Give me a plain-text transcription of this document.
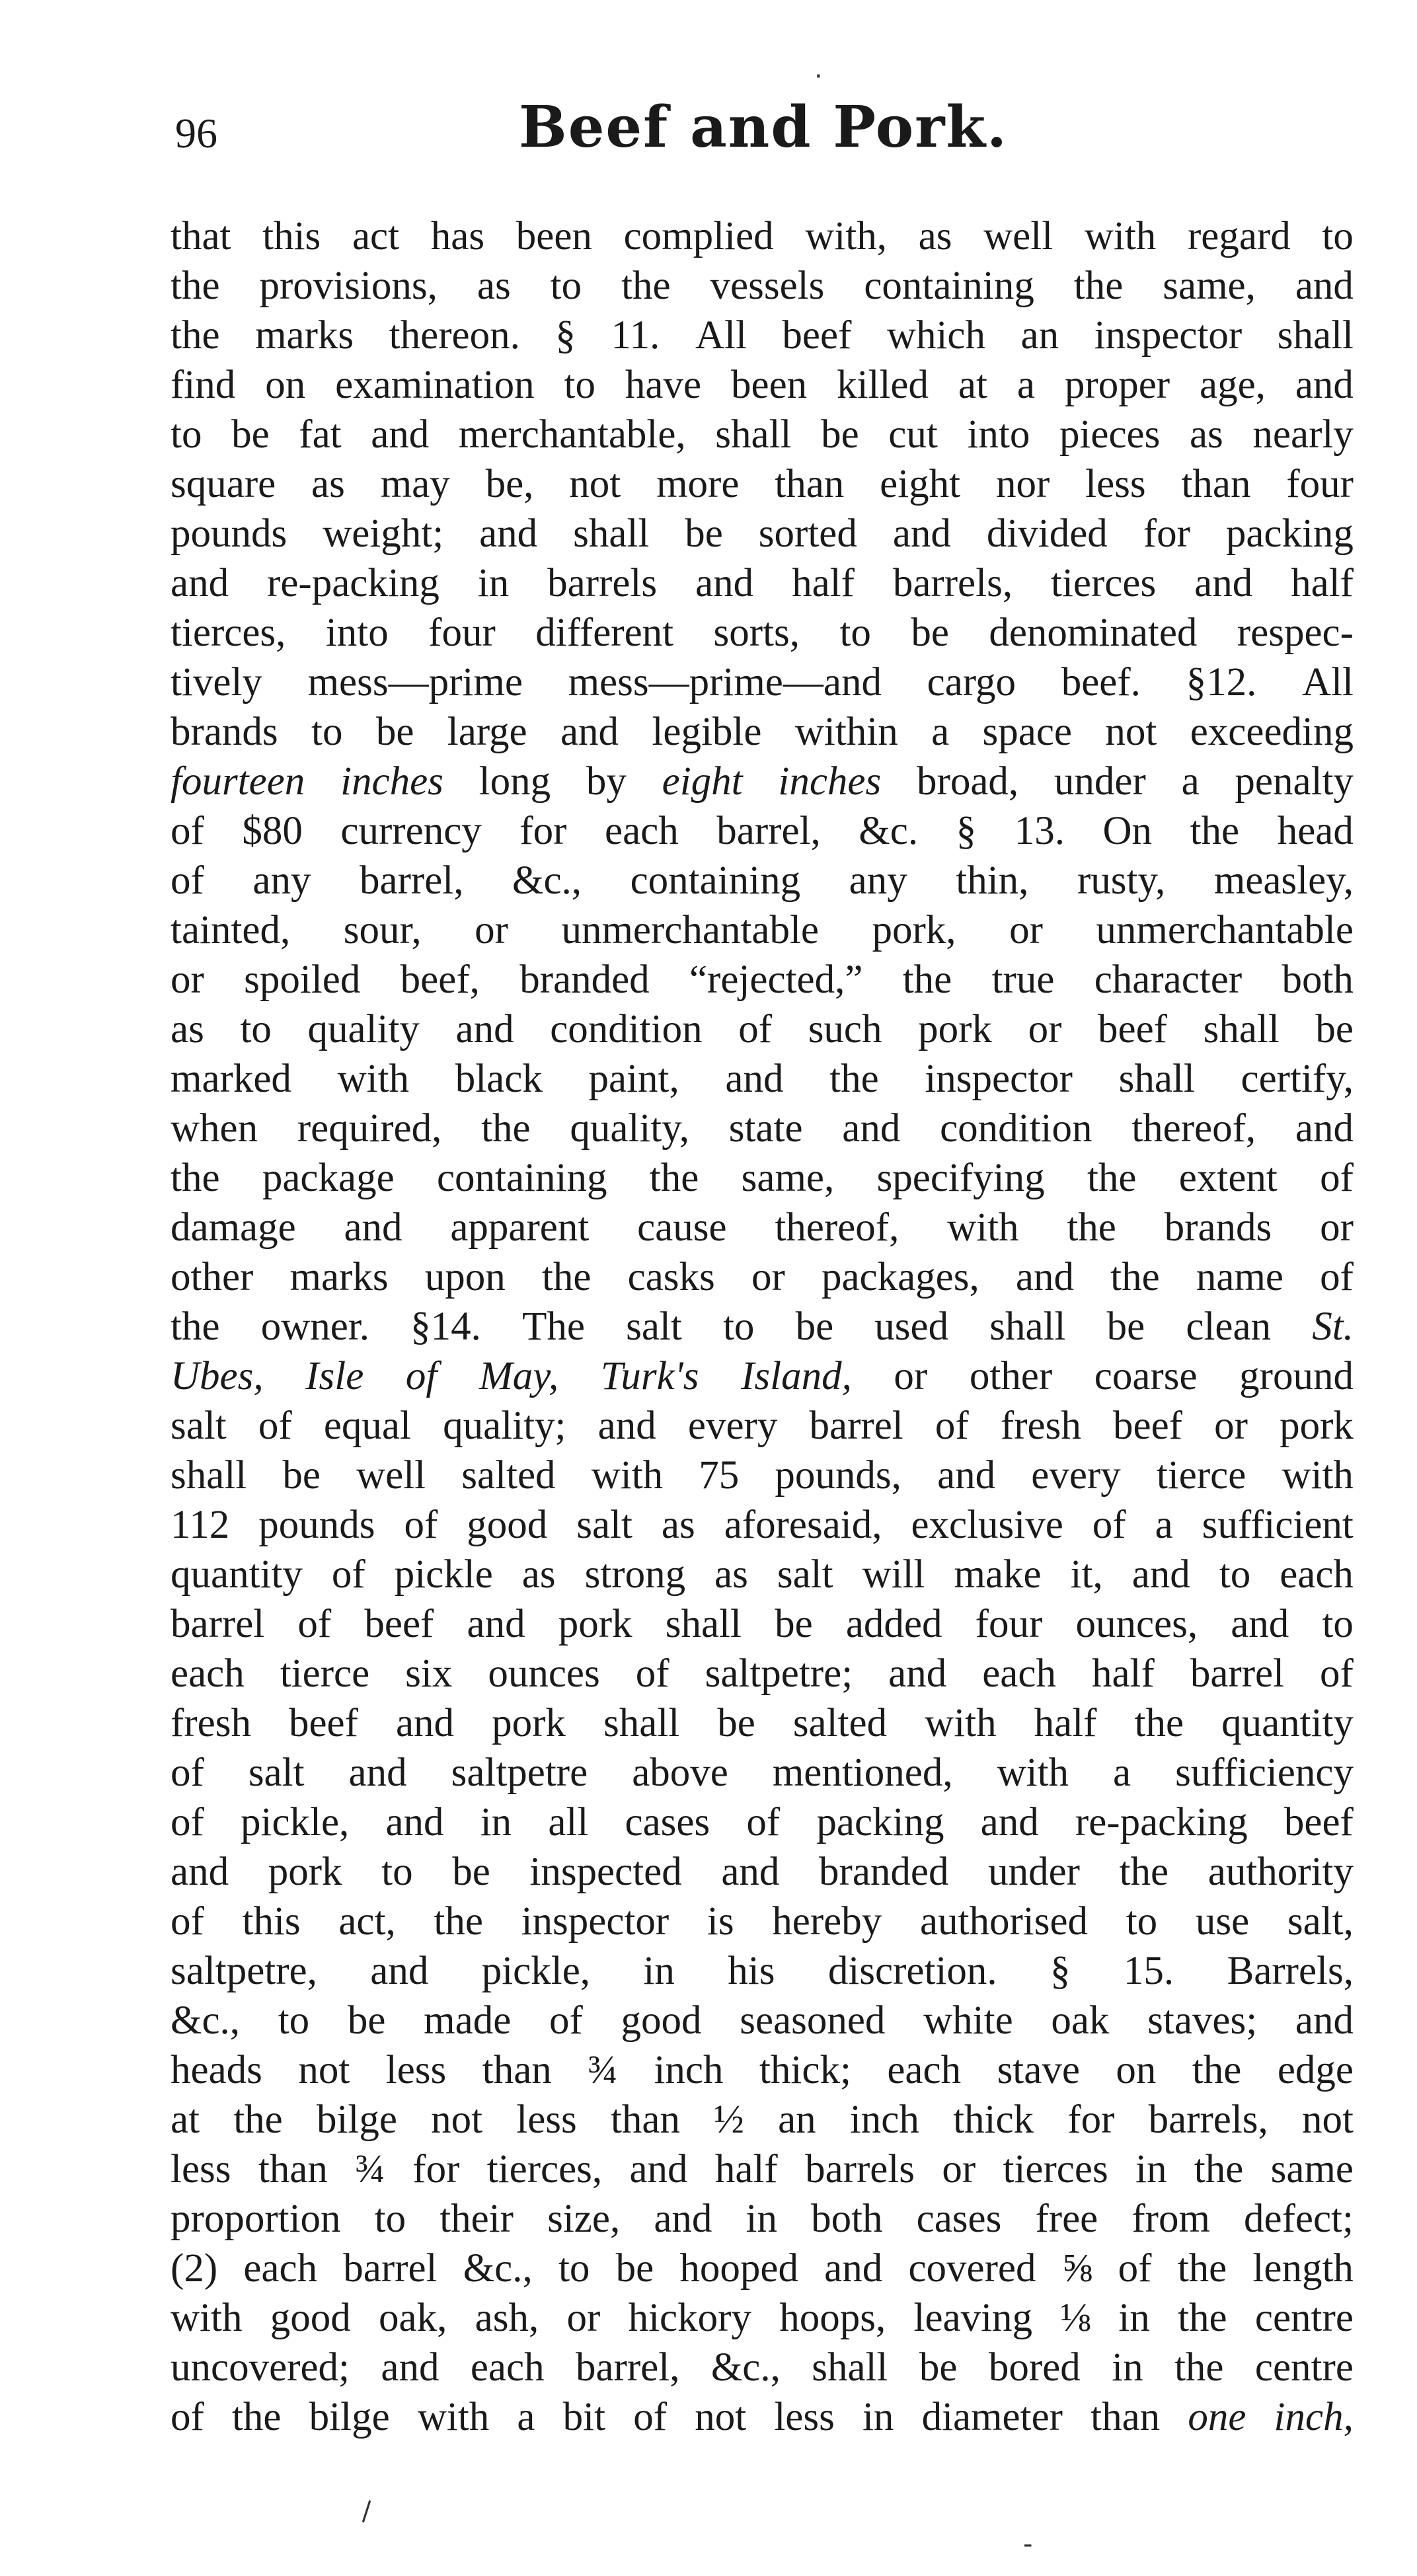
96	Beef and Pork.
that this act has been complied with, as well with regard to
the provisions, as to the vessels containing the same, and
the marks thereon. § 11. All beef which an inspector shall
find on examination to have been killed at a proper age, and
to be fat and merchantable, shall be cut into pieces as nearly
square as may be, not more than eight nor less than four
pounds weight; and shall be sorted and divided for packing
and re-packing in barrels and half barrels, tierces and half
tierces, into four different sorts, to be denominated respec-
tively mess—prime mess—prime—and cargo beef. §12. All
brands to be large and legible within a space not exceeding
fourteen inches long by eight inches broad, under a penalty
of $80 currency for each barrel, &c. § 13. On the head
of any barrel, &c., containing any thin, rusty, measley,
tainted, sour, or unmerchantable pork, or unmerchantable
or spoiled beef, branded “rejected,” the true character both
as to quality and condition of such pork or beef shall be
marked with black paint, and the inspector shall certify,
when required, the quality, state and condition thereof, and
the package containing the same, specifying the extent of
damage and apparent cause thereof, with the brands or
other marks upon the casks or packages, and the name of
the owner. §14. The salt to be used shall be clean St.
Ubes, Isle of May, Turk's Island, or other coarse ground
salt of equal quality; and every barrel of fresh beef or pork
shall be well salted with 75 pounds, and every tierce with
112 pounds of good salt as aforesaid, exclusive of a sufficient
quantity of pickle as strong as salt will make it, and to each
barrel of beef and pork shall be added four ounces, and to
each tierce six ounces of saltpetre; and each half barrel of
fresh beef and pork shall be salted with half the quantity
of salt and saltpetre above mentioned, with a sufficiency
of pickle, and in all cases of packing and re-packing beef
and pork to be inspected and branded under the authority
of this act, the inspector is hereby authorised to use salt,
saltpetre, and pickle, in his discretion. § 15. Barrels,
&c., to be made of good seasoned white oak staves; and
heads not less than ¾ inch thick; each stave on the edge
at the bilge not less than ½ an inch thick for barrels, not
less than ¾ for tierces, and half barrels or tierces in the same
proportion to their size, and in both cases free from defect;
(2) each barrel &c., to be hooped and covered ⅝ of the length
with good oak, ash, or hickory hoops, leaving ⅛ in the centre
uncovered; and each barrel, &c., shall be bored in the centre
of the bilge with a bit of not less in diameter than one inch,
·
\
-
